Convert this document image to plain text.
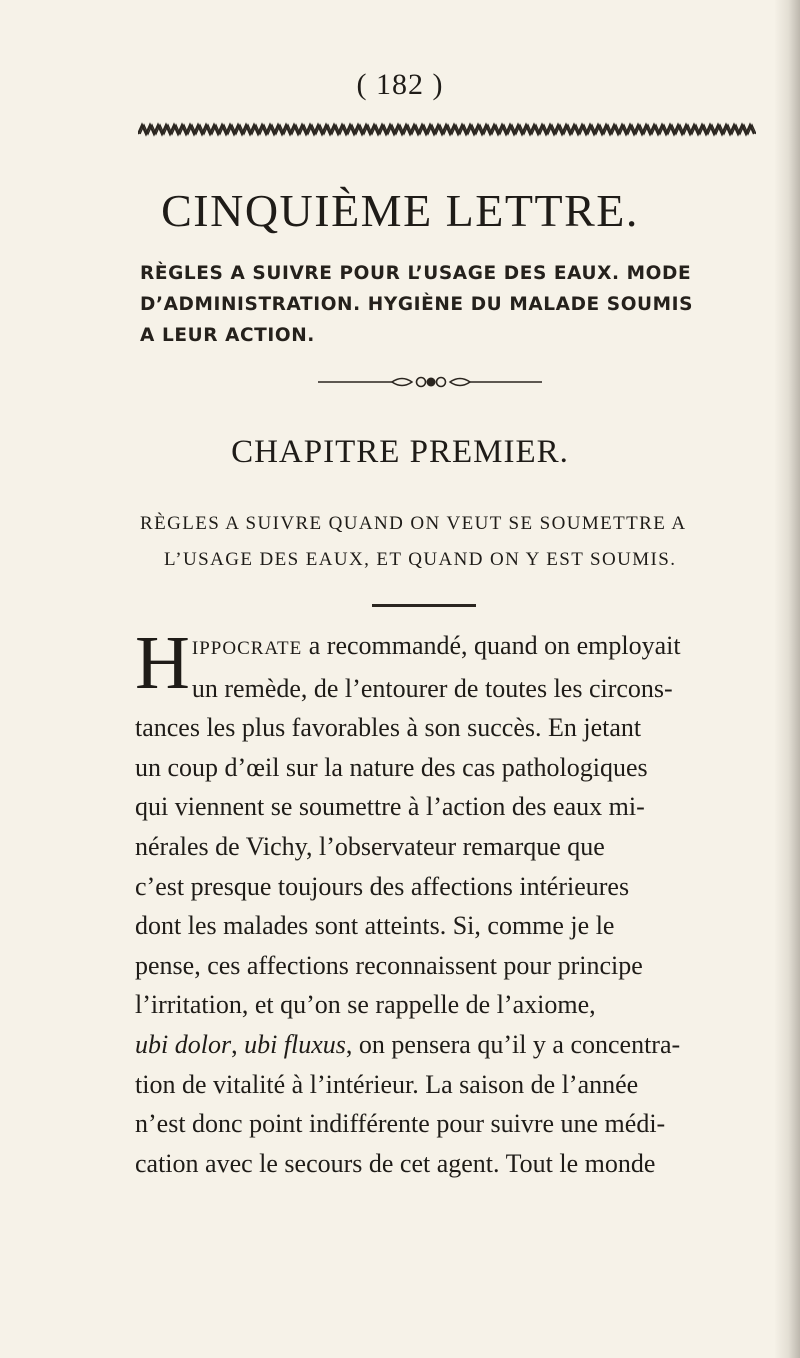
( 182 )
CINQUIÈME LETTRE.
RÈGLES A SUIVRE POUR L’USAGE DES EAUX. MODE
D’ADMINISTRATION. HYGIÈNE DU MALADE SOUMIS
A LEUR ACTION.
CHAPITRE PREMIER.
RÈGLES A SUIVRE QUAND ON VEUT SE SOUMETTRE A
L’USAGE DES EAUX, ET QUAND ON Y EST SOUMIS.
H IPPOCRATE a recommandé, quand on employait
un remède, de l’entourer de toutes les circons-
tances les plus favorables à son succès. En jetant
un coup d’œil sur la nature des cas pathologiques
qui viennent se soumettre à l’action des eaux mi-
nérales de Vichy, l’observateur remarque que
c’est presque toujours des affections intérieures
dont les malades sont atteints. Si, comme je le
pense, ces affections reconnaissent pour principe
l’irritation, et qu’on se rappelle de l’axiome,
ubi dolor, ubi fluxus, on pensera qu’il y a concentra-
tion de vitalité à l’intérieur. La saison de l’année
n’est donc point indifférente pour suivre une médi-
cation avec le secours de cet agent. Tout le monde
